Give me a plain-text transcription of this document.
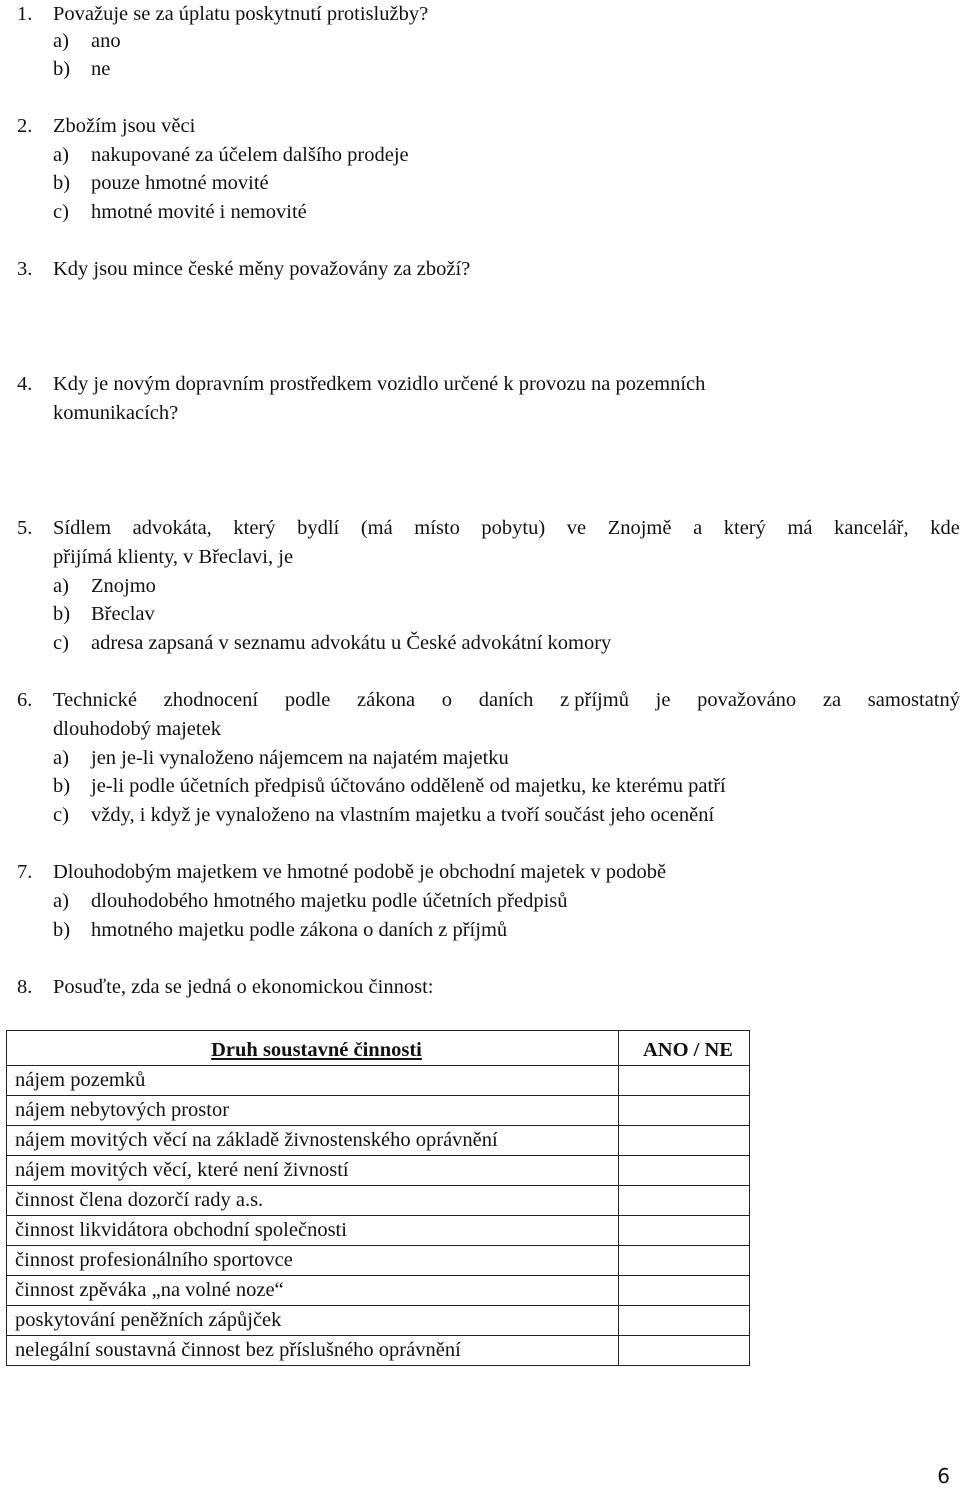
1. Považuje se za úplatu poskytnutí protislužby?
a) ano
b) ne
2. Zbožím jsou věci
a) nakupované za účelem dalšího prodeje
b) pouze hmotné movité
c) hmotné movité i nemovité
3. Kdy jsou mince české měny považovány za zboží?
4. Kdy je novým dopravním prostředkem vozidlo určené k provozu na pozemních
komunikacích?
5. Sídlem advokáta, který bydlí (má místo pobytu) ve Znojmě a který má kancelář, kde
přijímá klienty, v Břeclavi, je
a) Znojmo
b) Břeclav
c) adresa zapsaná v seznamu advokátu u České advokátní komory
6. Technické zhodnocení podle zákona o daních z příjmů je považováno za samostatný
dlouhodobý majetek
a) jen je-li vynaloženo nájemcem na najatém majetku
b) je-li podle účetních předpisů účtováno odděleně od majetku, ke kterému patří
c) vždy, i když je vynaloženo na vlastním majetku a tvoří součást jeho ocenění
7. Dlouhodobým majetkem ve hmotné podobě je obchodní majetek v podobě
a) dlouhodobého hmotného majetku podle účetních předpisů
b) hmotného majetku podle zákona o daních z příjmů
8. Posuďte, zda se jedná o ekonomickou činnost:
Druh soustavné činnosti	ANO / NE
nájem pozemků	
nájem nebytových prostor	
nájem movitých věcí na základě živnostenského oprávnění	
nájem movitých věcí, které není živností	
činnost člena dozorčí rady a.s.	
činnost likvidátora obchodní společnosti	
činnost profesionálního sportovce	
činnost zpěváka „na volné noze“	
poskytování peněžních zápůjček	
nelegální soustavná činnost bez příslušného oprávnění	
6
